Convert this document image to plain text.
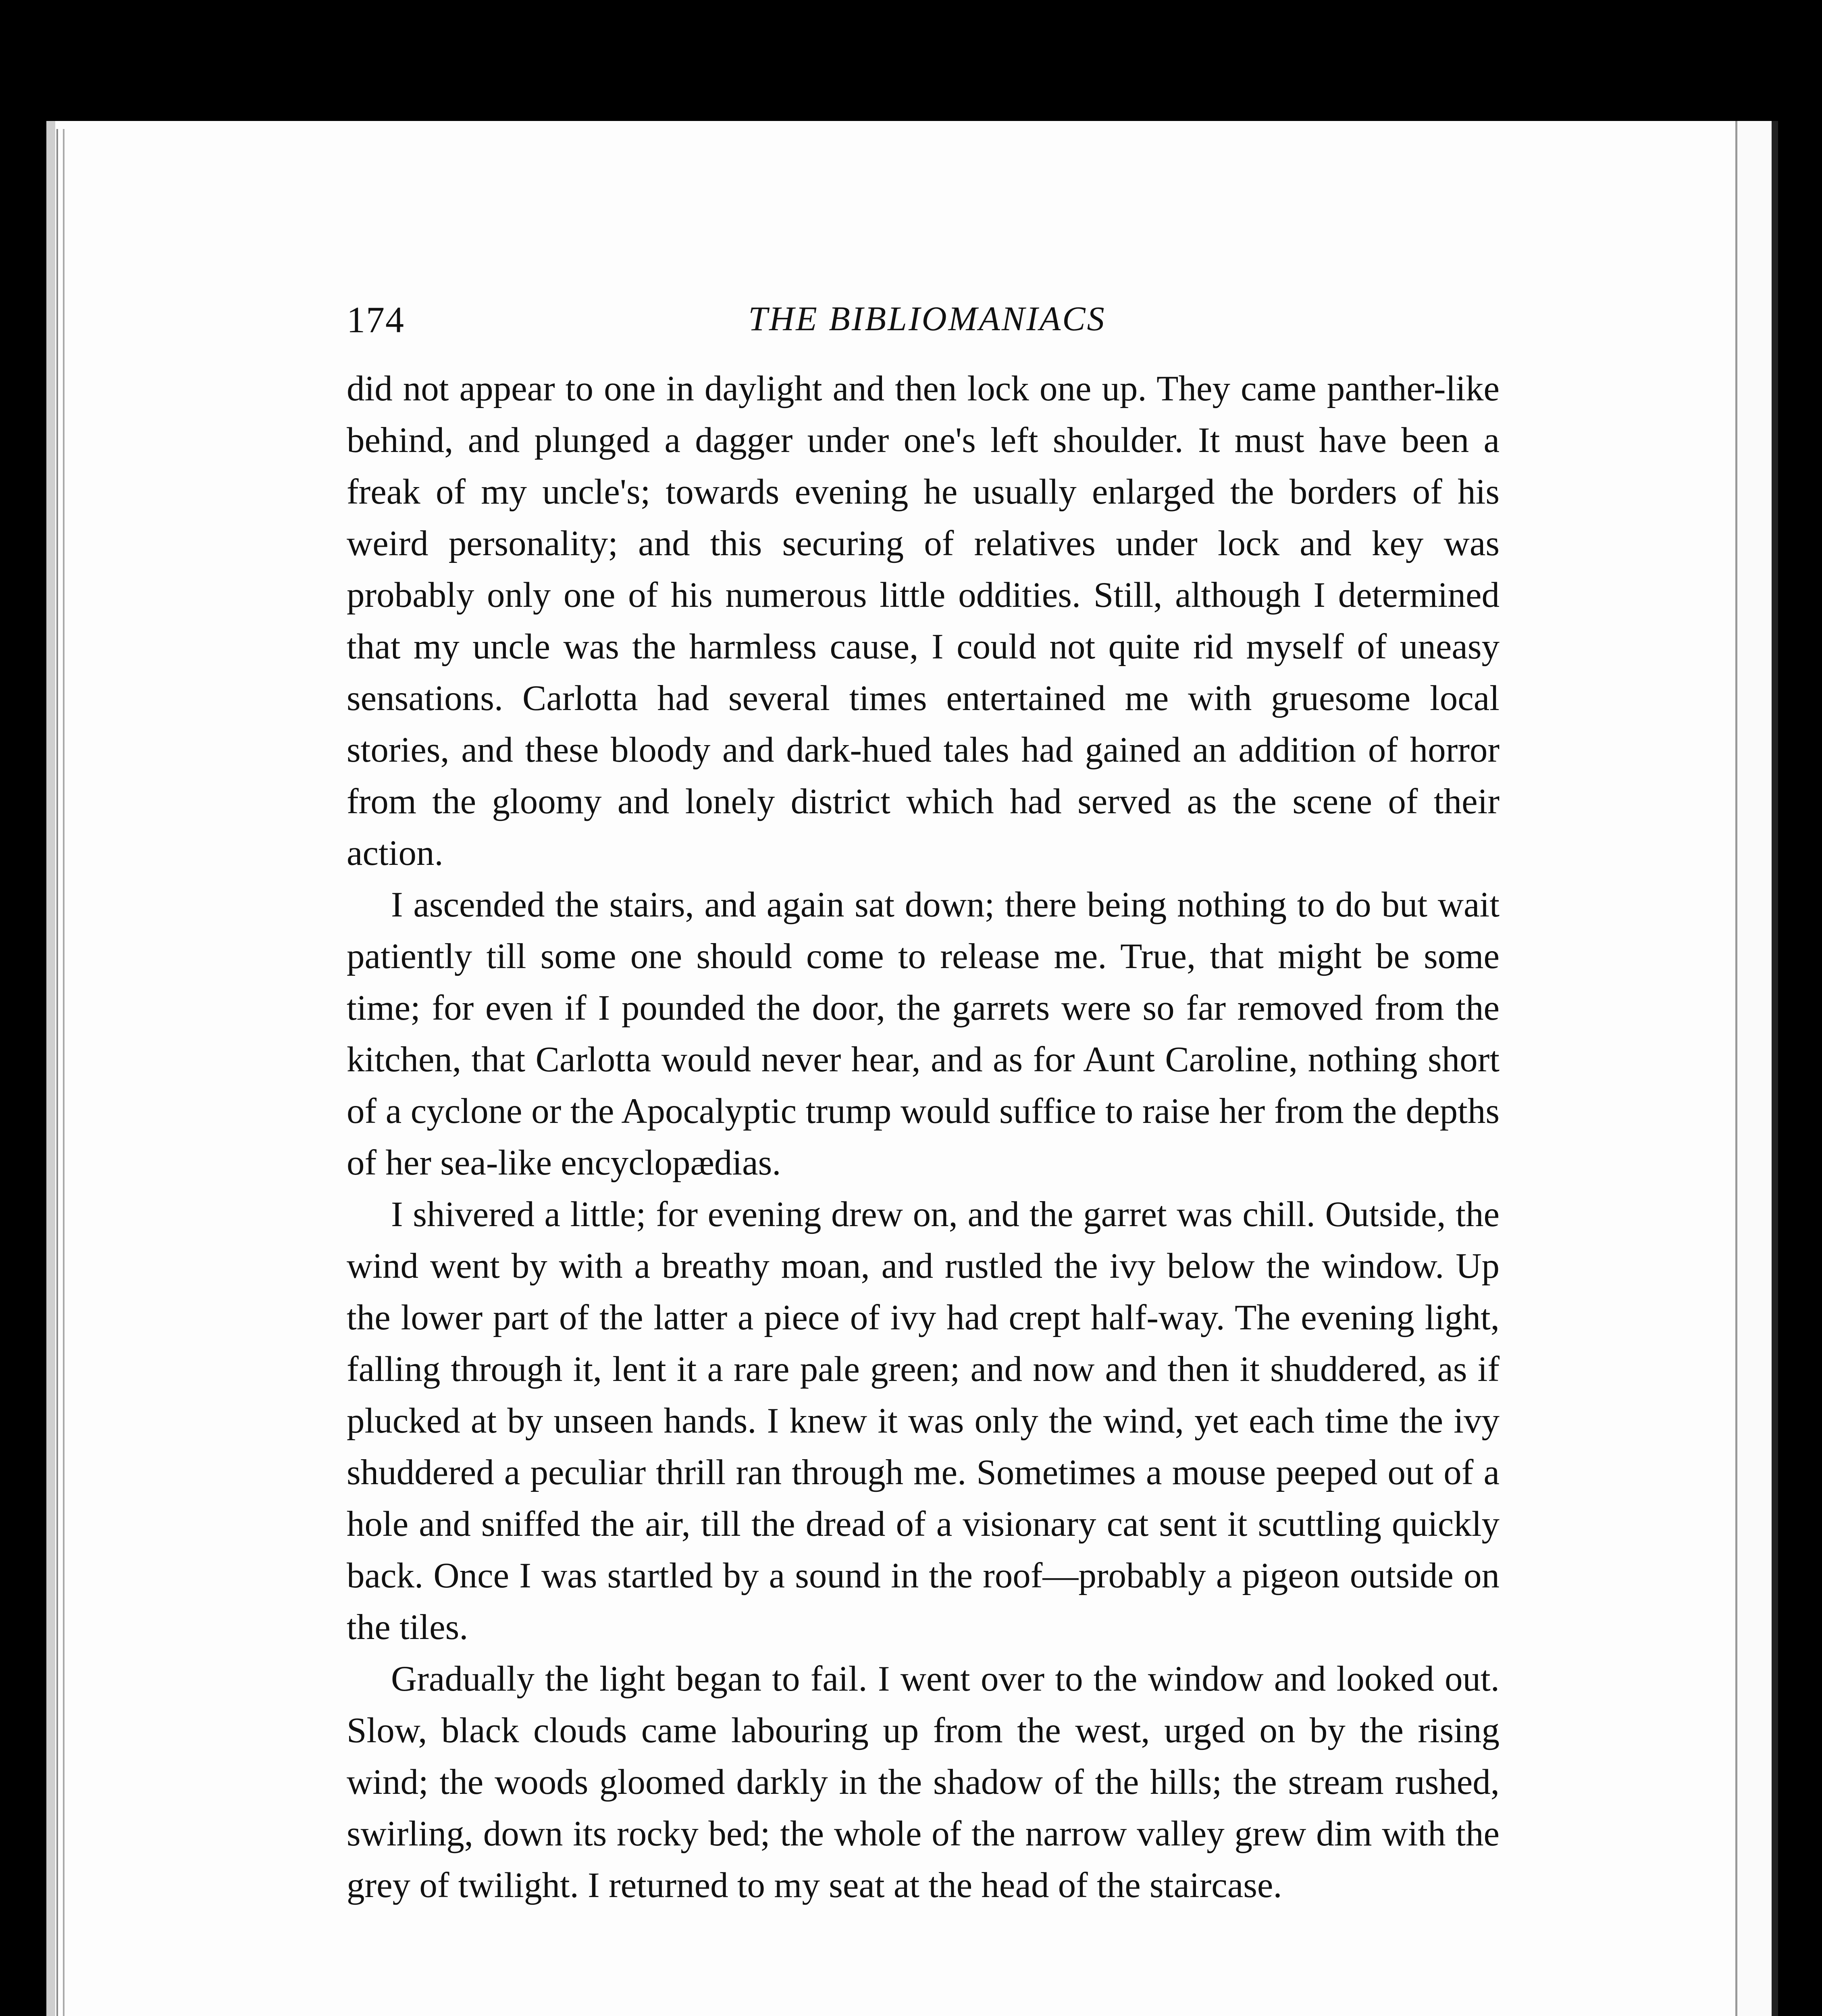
174	THE BIBLIOMANIACS

did not appear to one in daylight and then lock one up. They came panther-like behind, and plunged a dagger under one's left shoulder. It must have been a freak of my uncle's; towards evening he usually enlarged the borders of his weird personality; and this securing of relatives under lock and key was probably only one of his numerous little oddities. Still, although I determined that my uncle was the harmless cause, I could not quite rid myself of uneasy sensations. Carlotta had several times entertained me with gruesome local stories, and these bloody and dark-hued tales had gained an addition of horror from the gloomy and lonely district which had served as the scene of their action.

I ascended the stairs, and again sat down; there being nothing to do but wait patiently till some one should come to release me. True, that might be some time; for even if I pounded the door, the garrets were so far removed from the kitchen, that Carlotta would never hear, and as for Aunt Caroline, nothing short of a cyclone or the Apocalyptic trump would suffice to raise her from the depths of her sea-like encyclopædias.

I shivered a little; for evening drew on, and the garret was chill. Outside, the wind went by with a breathy moan, and rustled the ivy below the window. Up the lower part of the latter a piece of ivy had crept half-way. The evening light, falling through it, lent it a rare pale green; and now and then it shuddered, as if plucked at by unseen hands. I knew it was only the wind, yet each time the ivy shuddered a peculiar thrill ran through me. Sometimes a mouse peeped out of a hole and sniffed the air, till the dread of a visionary cat sent it scuttling quickly back. Once I was startled by a sound in the roof—probably a pigeon outside on the tiles.

Gradually the light began to fail. I went over to the window and looked out. Slow, black clouds came labouring up from the west, urged on by the rising wind; the woods gloomed darkly in the shadow of the hills; the stream rushed, swirling, down its rocky bed; the whole of the narrow valley grew dim with the grey of twilight. I returned to my seat at the head of the staircase.
